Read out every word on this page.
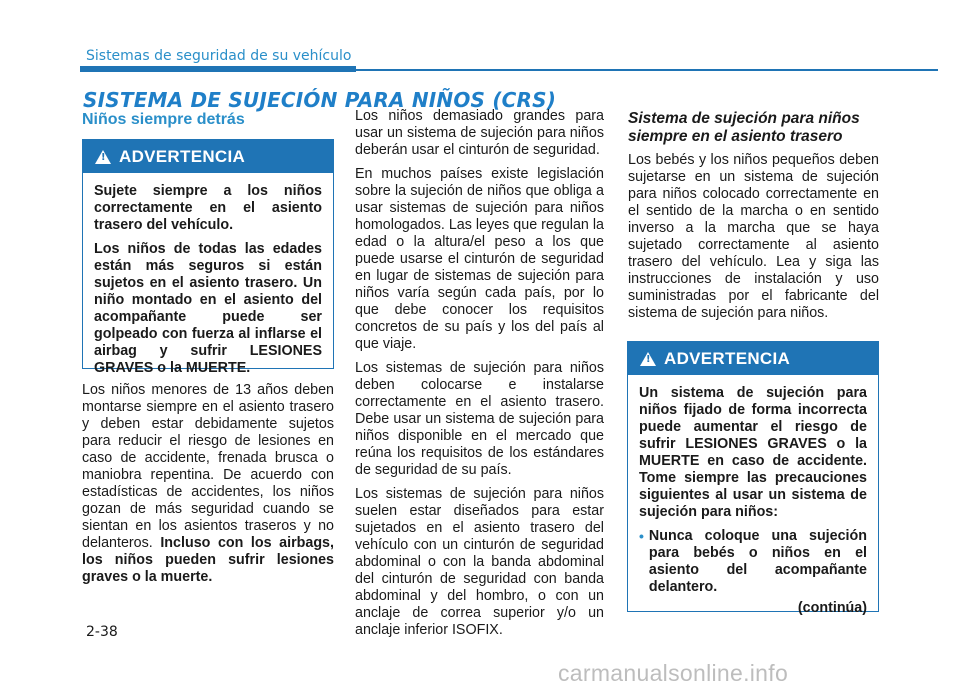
Sistemas de seguridad de su vehículo
SISTEMA DE SUJECIÓN PARA NIÑOS (CRS)
Niños siempre detrás
!
ADVERTENCIA

Sujete siempre a los niños correctamente en el asiento trasero del vehículo.

Los niños de todas las edades están más seguros si están sujetos en el asiento trasero. Un niño montado en el asiento del acompañante puede ser golpeado con fuerza al inflarse el airbag y sufrir LESIONES GRAVES o la MUERTE.

Los niños menores de 13 años deben montarse siempre en el asiento trasero y deben estar debidamente sujetos para reducir el riesgo de lesiones en caso de accidente, frenada brusca o maniobra repentina. De acuerdo con estadísticas de accidentes, los niños gozan de más seguridad cuando se sientan en los asientos traseros y no delanteros. Incluso con los airbags, los niños pueden sufrir lesiones graves o la muerte.

Los niños demasiado grandes para usar un sistema de sujeción para niños deberán usar el cinturón de seguridad.

En muchos países existe legislación sobre la sujeción de niños que obliga a usar sistemas de sujeción para niños homologados. Las leyes que regulan la edad o la altura/el peso a los que puede usarse el cinturón de seguridad en lugar de sistemas de sujeción para niños varía según cada país, por lo que debe conocer los requisitos concretos de su país y los del país al que viaje.

Los sistemas de sujeción para niños deben colocarse e instalarse correctamente en el asiento trasero. Debe usar un sistema de sujeción para niños disponible en el mercado que reúna los requisitos de los estándares de seguridad de su país.

Los sistemas de sujeción para niños suelen estar diseñados para estar sujetados en el asiento trasero del vehículo con un cinturón de seguridad abdominal o con la banda abdominal del cinturón de seguridad con banda abdominal y del hombro, o con un anclaje de correa superior y/o un anclaje inferior ISOFIX.

Sistema de sujeción para niños siempre en el asiento trasero

Los bebés y los niños pequeños deben sujetarse en un sistema de sujeción para niños colocado correctamente en el sentido de la marcha o en sentido inverso a la marcha que se haya sujetado correctamente al asiento trasero del vehículo. Lea y siga las instrucciones de instalación y uso suministradas por el fabricante del sistema de sujeción para niños.

!
ADVERTENCIA

Un sistema de sujeción para niños fijado de forma incorrecta puede aumentar el riesgo de sufrir LESIONES GRAVES o la MUERTE en caso de accidente. Tome siempre las precauciones siguientes al usar un sistema de sujeción para niños:

• Nunca coloque una sujeción para bebés o niños en el asiento del acompañante delantero.
(continúa)
2-38
carmanualsonline.info
